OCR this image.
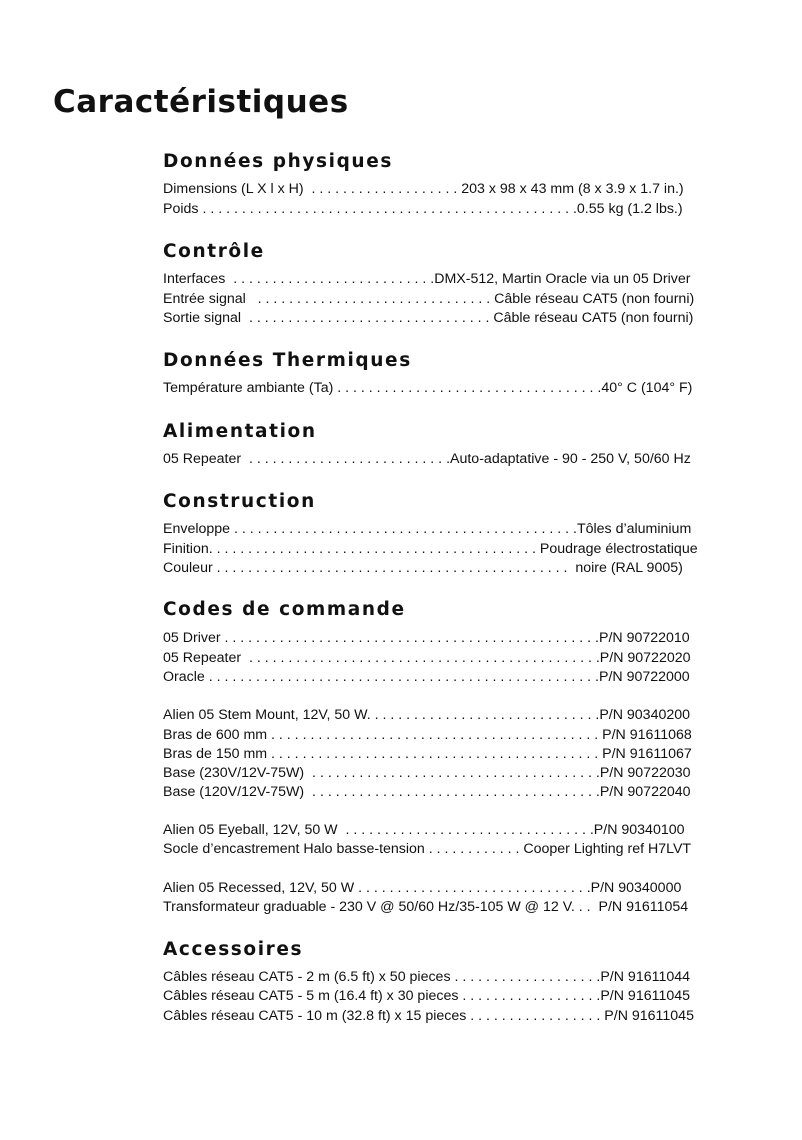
Caractéristiques
Données physiques
Dimensions (L X l x H)  . . . . . . . . . . . . . . . . . . . 203 x 98 x 43 mm (8 x 3.9 x 1.7 in.)
Poids . . . . . . . . . . . . . . . . . . . . . . . . . . . . . . . . . . . . . . . . . . . . . . . .0.55 kg (1.2 lbs.)
Contrôle
Interfaces  . . . . . . . . . . . . . . . . . . . . . . . . . .DMX-512, Martin Oracle via un 05 Driver
Entrée signal   . . . . . . . . . . . . . . . . . . . . . . . . . . . . . . Câble réseau CAT5 (non fourni)
Sortie signal  . . . . . . . . . . . . . . . . . . . . . . . . . . . . . . . Câble réseau CAT5 (non fourni)
Données Thermiques
Température ambiante (Ta) . . . . . . . . . . . . . . . . . . . . . . . . . . . . . . . . . .40° C (104° F)
Alimentation
05 Repeater  . . . . . . . . . . . . . . . . . . . . . . . . . .Auto-adaptative - 90 - 250 V, 50/60 Hz
Construction
Enveloppe . . . . . . . . . . . . . . . . . . . . . . . . . . . . . . . . . . . . . . . . . . . .Tôles d’aluminium
Finition. . . . . . . . . . . . . . . . . . . . . . . . . . . . . . . . . . . . . . . . . . Poudrage électrostatique
Couleur . . . . . . . . . . . . . . . . . . . . . . . . . . . . . . . . . . . . . . . . . . . . .  noire (RAL 9005)
Codes de commande
05 Driver . . . . . . . . . . . . . . . . . . . . . . . . . . . . . . . . . . . . . . . . . . . . . . . .P/N 90722010
05 Repeater  . . . . . . . . . . . . . . . . . . . . . . . . . . . . . . . . . . . . . . . . . . . . .P/N 90722020
Oracle . . . . . . . . . . . . . . . . . . . . . . . . . . . . . . . . . . . . . . . . . . . . . . . . . .P/N 90722000
Alien 05 Stem Mount, 12V, 50 W. . . . . . . . . . . . . . . . . . . . . . . . . . . . . .P/N 90340200
Bras de 600 mm . . . . . . . . . . . . . . . . . . . . . . . . . . . . . . . . . . . . . . . . . . P/N 91611068
Bras de 150 mm . . . . . . . . . . . . . . . . . . . . . . . . . . . . . . . . . . . . . . . . . . P/N 91611067
Base (230V/12V-75W)  . . . . . . . . . . . . . . . . . . . . . . . . . . . . . . . . . . . . .P/N 90722030
Base (120V/12V-75W)  . . . . . . . . . . . . . . . . . . . . . . . . . . . . . . . . . . . . .P/N 90722040
Alien 05 Eyeball, 12V, 50 W  . . . . . . . . . . . . . . . . . . . . . . . . . . . . . . . .P/N 90340100
Socle d’encastrement Halo basse-tension . . . . . . . . . . . . Cooper Lighting ref H7LVT
Alien 05 Recessed, 12V, 50 W . . . . . . . . . . . . . . . . . . . . . . . . . . . . . .P/N 90340000
Transformateur graduable - 230 V @ 50/60 Hz/35-105 W @ 12 V. . .  P/N 91611054
Accessoires
Câbles réseau CAT5 - 2 m (6.5 ft) x 50 pieces . . . . . . . . . . . . . . . . . . .P/N 91611044
Câbles réseau CAT5 - 5 m (16.4 ft) x 30 pieces . . . . . . . . . . . . . . . . . .P/N 91611045
Câbles réseau CAT5 - 10 m (32.8 ft) x 15 pieces . . . . . . . . . . . . . . . . . P/N 91611045
